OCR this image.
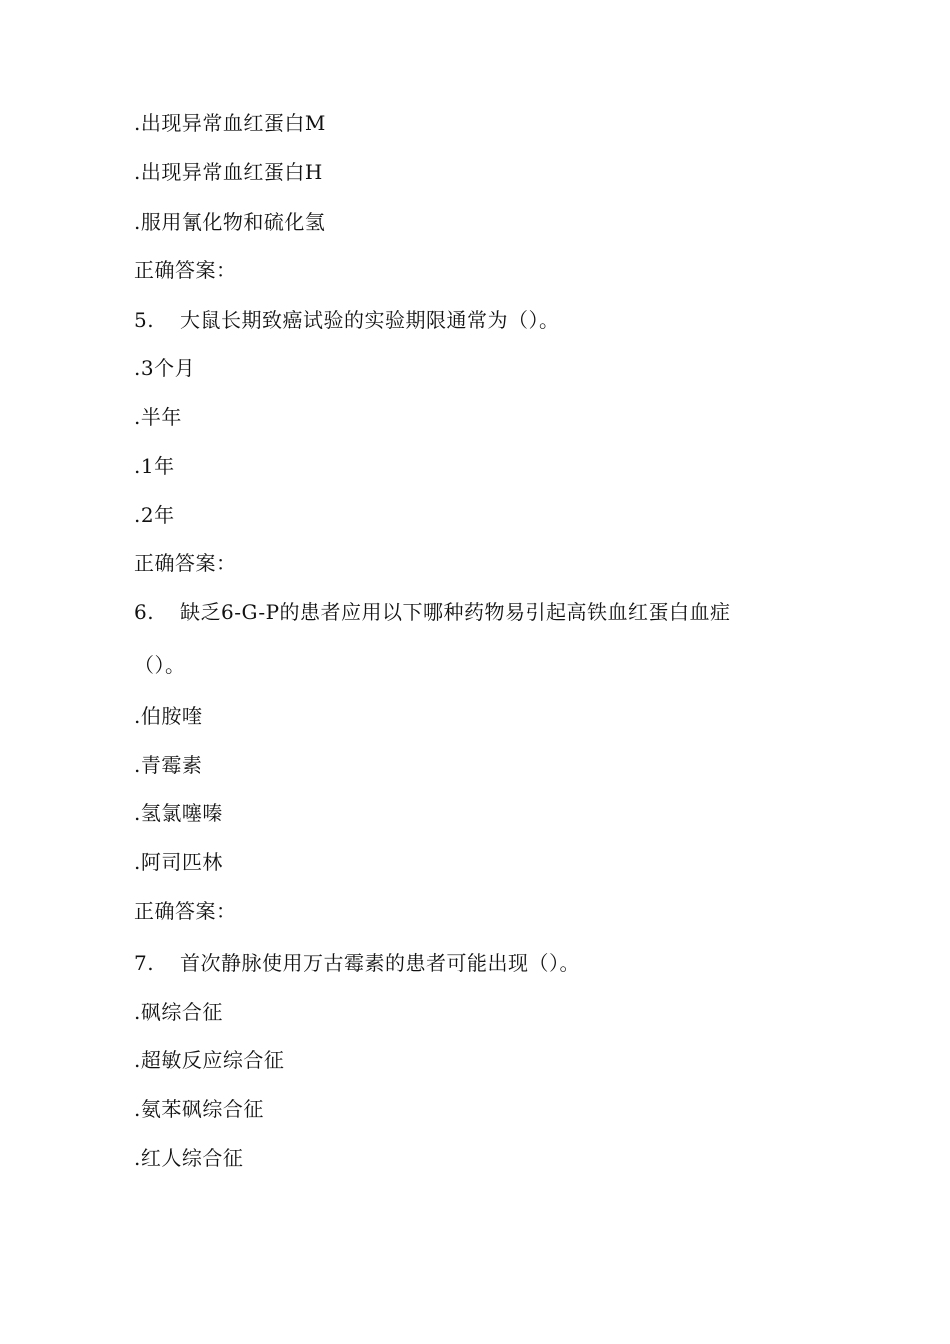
.出现异常血红蛋白M
.出现异常血红蛋白H
.服用氰化物和硫化氢
正确答案：
5. 大鼠长期致癌试验的实验期限通常为（）。
.3个月
.半年
.1年
.2年
正确答案：
6. 缺乏6-G-P的患者应用以下哪种药物易引起高铁血红蛋白血症
（）。
.伯胺喹
.青霉素
.氢氯噻嗪
.阿司匹林
正确答案：
7. 首次静脉使用万古霉素的患者可能出现（）。
.砜综合征
.超敏反应综合征
.氨苯砜综合征
.红人综合征
